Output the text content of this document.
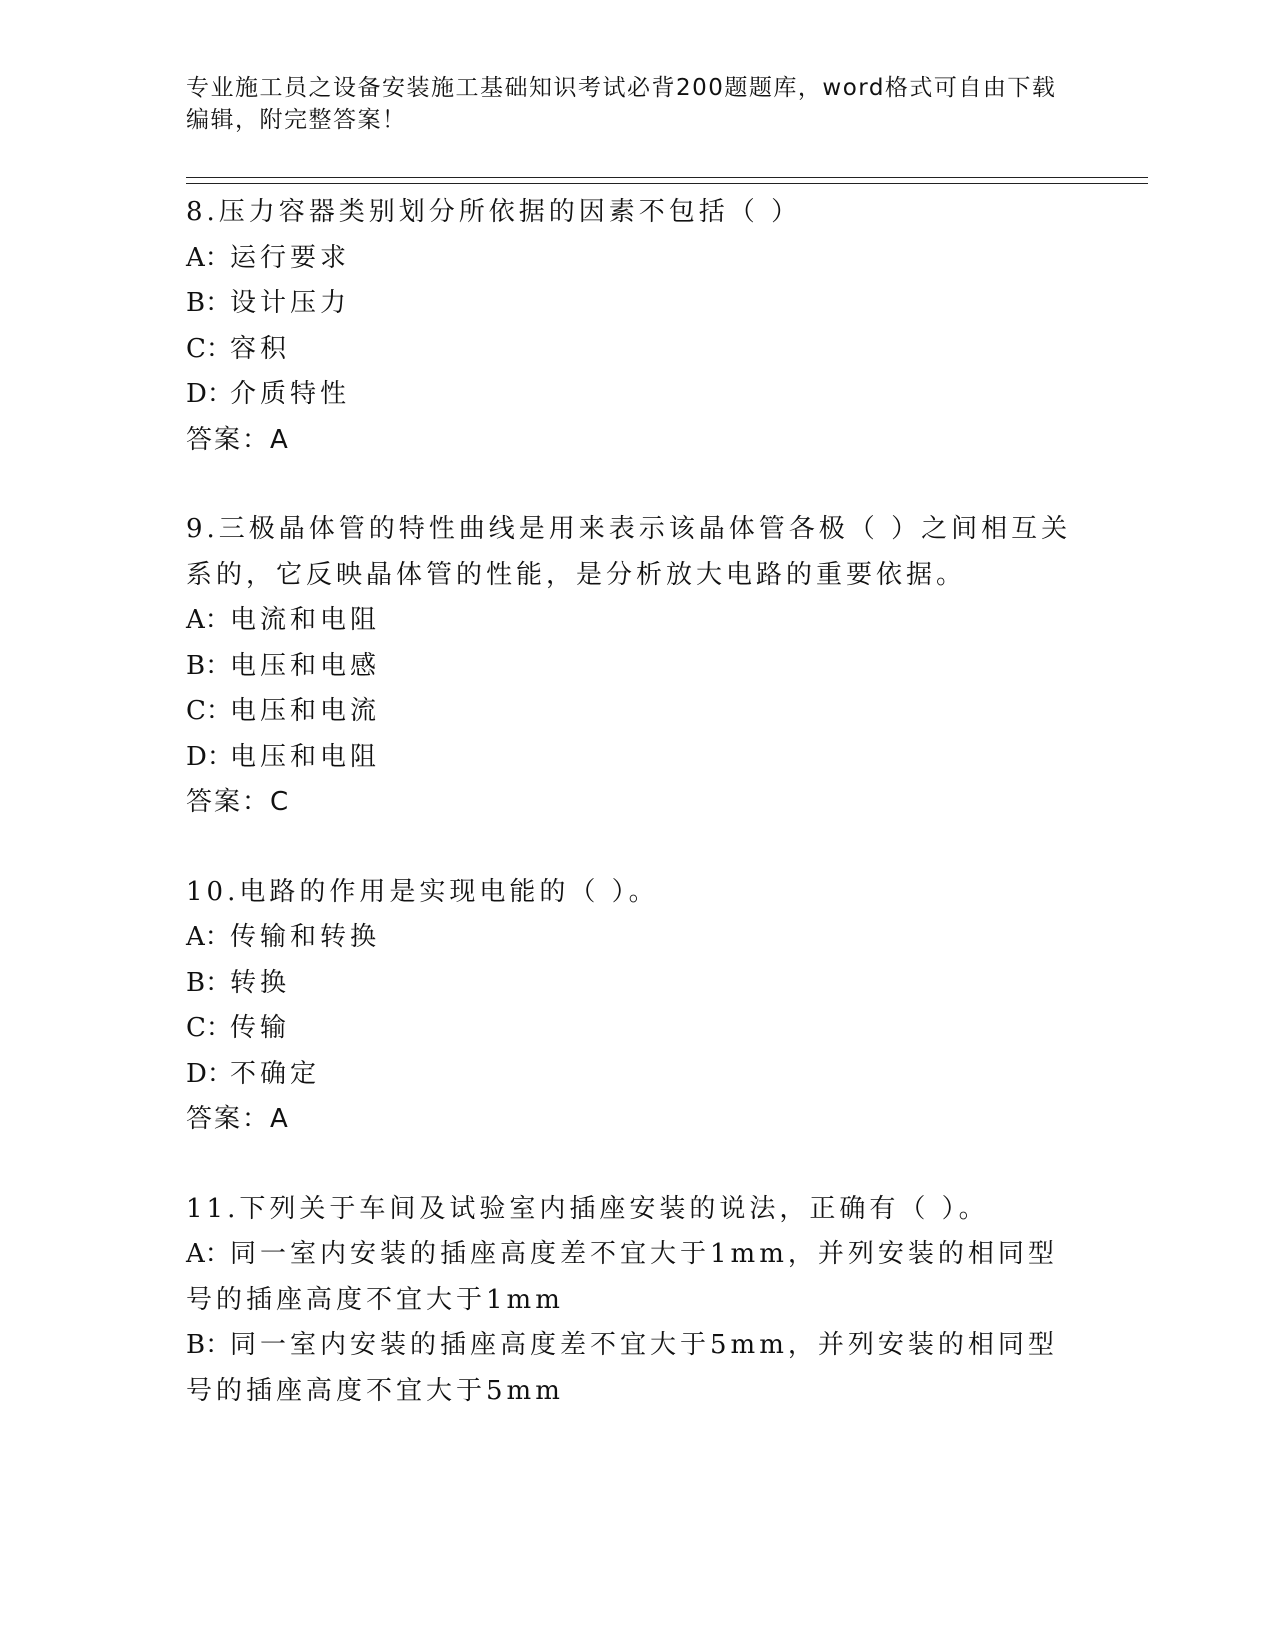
专业施工员之设备安装施工基础知识考试必背200题题库，word格式可自由下载
编辑，附完整答案！

8.压力容器类别划分所依据的因素不包括（ ）

A：运行要求

B：设计压力

C：容积

D：介质特性

答案：A

9.三极晶体管的特性曲线是用来表示该晶体管各极（ ）之间相互关系的，它反映晶体管的性能，是分析放大电路的重要依据。

A：电流和电阻

B：电压和电感

C：电压和电流

D：电压和电阻

答案：C

10.电路的作用是实现电能的（ ）。

A：传输和转换

B：转换

C：传输

D：不确定

答案：A

11.下列关于车间及试验室内插座安装的说法，正确有（ ）。

A：同一室内安装的插座高度差不宜大于1mm，并列安装的相同型号的插座高度不宜大于1mm

B：同一室内安装的插座高度差不宜大于5mm，并列安装的相同型号的插座高度不宜大于5mm
